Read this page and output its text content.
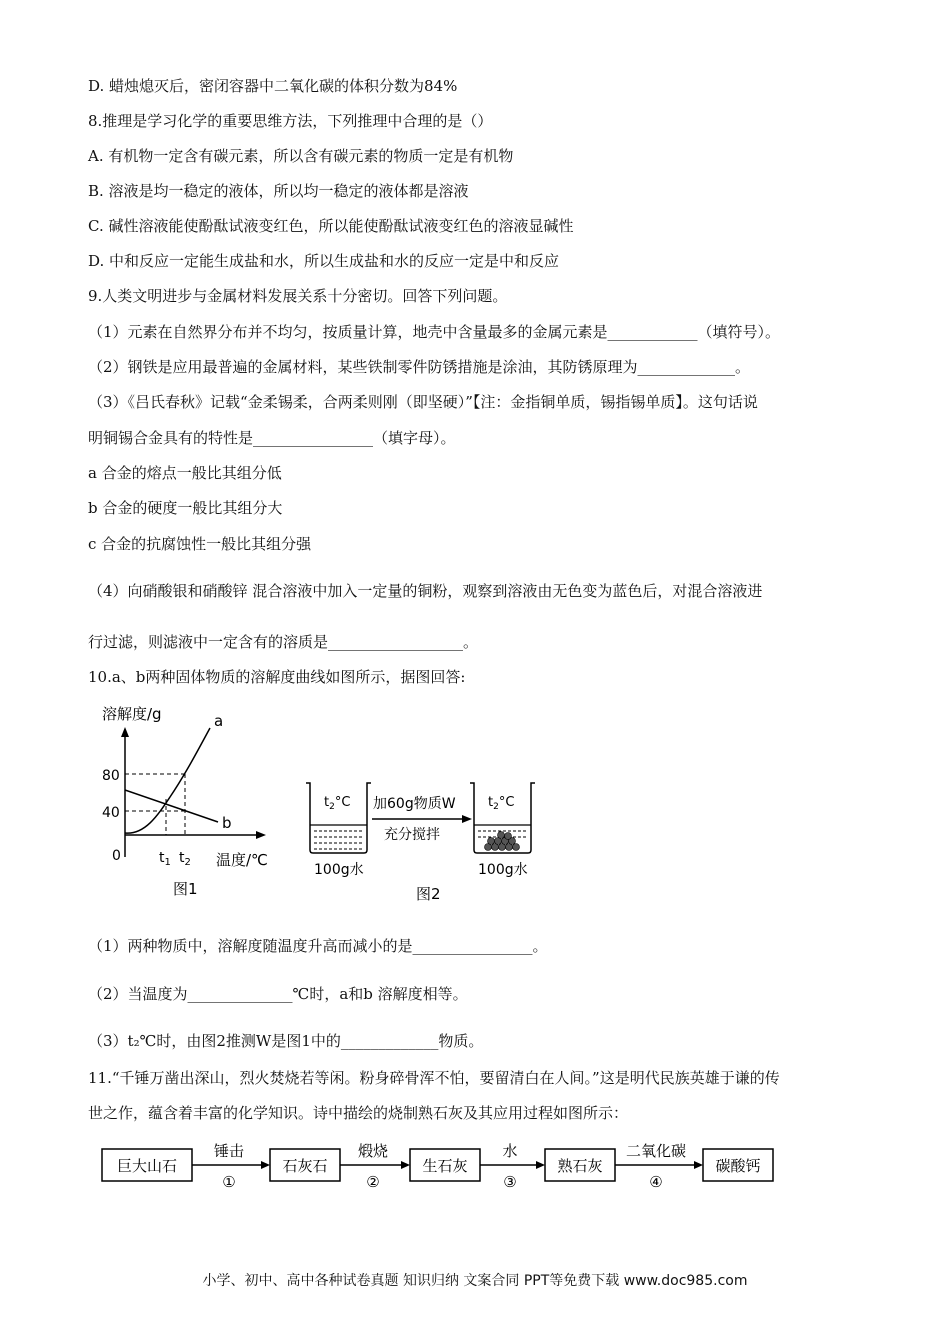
D. 蜡烛熄灭后，密闭容器中二氧化碳的体积分数为84%
8.推理是学习化学的重要思维方法，下列推理中合理的是（）
A. 有机物一定含有碳元素，所以含有碳元素的物质一定是有机物
B. 溶液是均一稳定的液体，所以均一稳定的液体都是溶液
C. 碱性溶液能使酚酞试液变红色，所以能使酚酞试液变红色的溶液显碱性
D. 中和反应一定能生成盐和水，所以生成盐和水的反应一定是中和反应
9.人类文明进步与金属材料发展关系十分密切。回答下列问题。
（1）元素在自然界分布并不均匀，按质量计算，地壳中含量最多的金属元素是____________（填符号）。
（2）钢铁是应用最普遍的金属材料，某些铁制零件防锈措施是涂油，其防锈原理为_____________。
（3）《吕氏春秋》记载“金柔锡柔，合两柔则刚（即坚硬）”【注：金指铜单质，锡指锡单质】。这句话说
明铜锡合金具有的特性是________________（填字母）。
a 合金的熔点一般比其组分低
b 合金的硬度一般比其组分大
c 合金的抗腐蚀性一般比其组分强
（4）向硝酸银和硝酸锌 混合溶液中加入一定量的铜粉，观察到溶液由无色变为蓝色后，对混合溶液进
行过滤，则滤液中一定含有的溶质是__________________。
10.a、b两种固体物质的溶解度曲线如图所示，据图回答:
溶解度/g
80
40
0	$t_1$ $t_2$ 温度/℃
a
b
图1
$t_2^\circ C$
100g水
加60g物质W
充分搅拌
$t_2^\circ C$
100g水
图2
（1）两种物质中，溶解度随温度升高而减小的是________________。
（2）当温度为______________℃时，a和b 溶解度相等。
（3）t₂℃时，由图2推测W是图1中的_____________物质。
11.“千锤万凿出深山，烈火焚烧若等闲。粉身碎骨浑不怕，要留清白在人间。”这是明代民族英雄于谦的传
世之作，蕴含着丰富的化学知识。诗中描绘的烧制熟石灰及其应用过程如图所示：
巨大山石	石灰石	生石灰	熟石灰	碳酸钙
锤击	煅烧	水	二氧化碳
①	②	③	④
小学、初中、高中各种试卷真题 知识归纳 文案合同 PPT等免费下载 www.doc985.com
